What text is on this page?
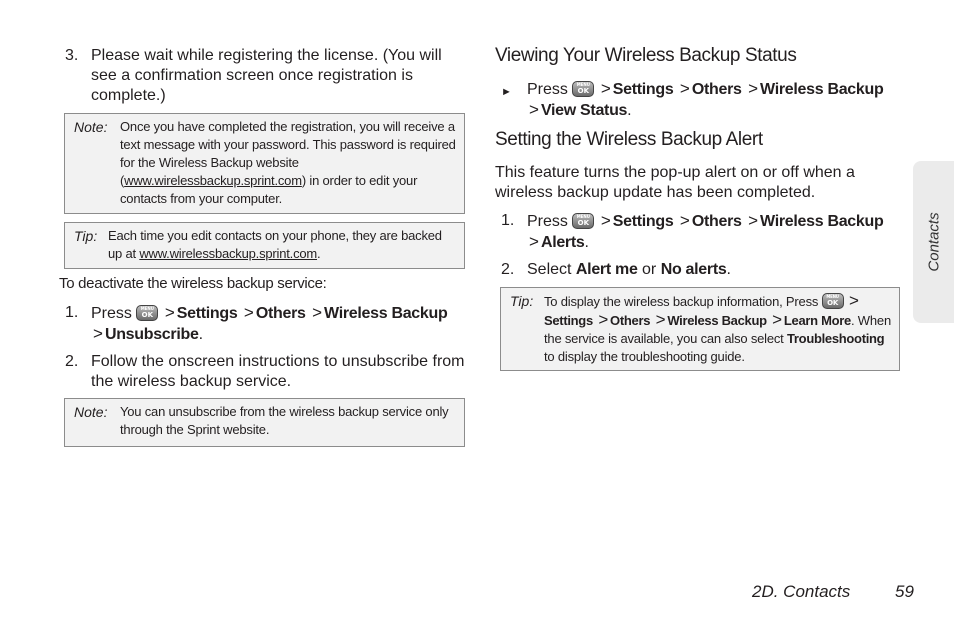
3. Please wait while registering the license. (You will see a confirmation screen once registration is complete.)
Note: Once you have completed the registration, you will receive a text message with your password. This password is required for the Wireless Backup website (www.wirelessbackup.sprint.com) in order to edit your contacts from your computer.
Tip: Each time you edit contacts on your phone, they are backed up at www.wirelessbackup.sprint.com.
To deactivate the wireless backup service:
1. Press	MENU
OK > Settings > Others > Wireless Backup > Unsubscribe.
2. Follow the onscreen instructions to unsubscribe from the wireless backup service.
Note: You can unsubscribe from the wireless backup service only through the Sprint website.
Viewing Your Wireless Backup Status
► Press	MENU
OK > Settings > Others > Wireless Backup > View Status.
Setting the Wireless Backup Alert
This feature turns the pop-up alert on or off when a wireless backup update has been completed.
1. Press	MENU
OK > Settings > Others > Wireless Backup > Alerts.
2. Select Alert me or No alerts.
Tip: To display the wireless backup information, Press	MENU
OK >
Settings > Others > Wireless Backup > Learn More. When the service is available, you can also select Troubleshooting to display the troubleshooting guide.
Contacts
2D. Contacts	59
